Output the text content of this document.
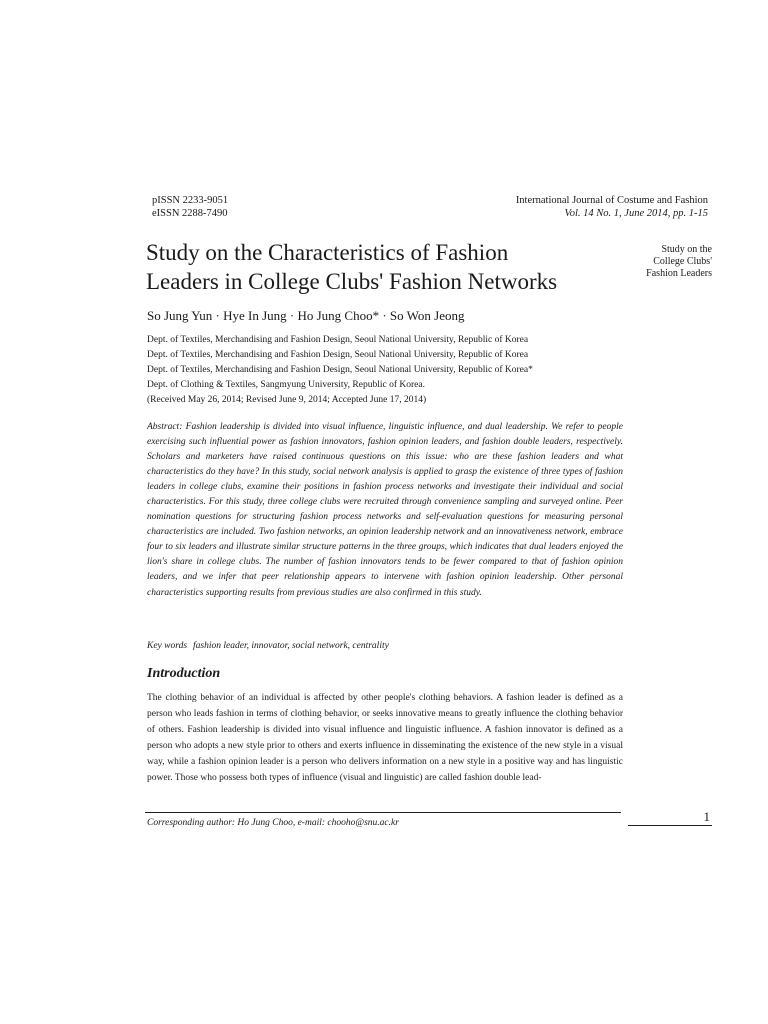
pISSN 2233-9051
eISSN 2288-7490
International Journal of Costume and Fashion
Vol. 14 No. 1, June 2014, pp. 1-15
Study on the Characteristics of Fashion
Leaders in College Clubs' Fashion Networks
Study on the
College Clubs'
Fashion Leaders
So Jung Yun · Hye In Jung · Ho Jung Choo* · So Won Jeong
Dept. of Textiles, Merchandising and Fashion Design, Seoul National University, Republic of Korea
Dept. of Textiles, Merchandising and Fashion Design, Seoul National University, Republic of Korea
Dept. of Textiles, Merchandising and Fashion Design, Seoul National University, Republic of Korea*
Dept. of Clothing & Textiles, Sangmyung University, Republic of Korea.
(Received May 26, 2014; Revised June 9, 2014; Accepted June 17, 2014)

Abstract: Fashion leadership is divided into visual influence, linguistic influence, and dual leadership. We refer to people exercising such influential power as fashion innovators, fashion opinion leaders, and fashion double leaders, respectively. Scholars and marketers have raised continuous questions on this issue: who are these fashion leaders and what characteristics do they have? In this study, social network analysis is applied to grasp the existence of three types of fashion leaders in college clubs, examine their positions in fashion process networks and investigate their individual and social characteristics. For this study, three college clubs were recruited through convenience sampling and surveyed online. Peer nomination questions for structuring fashion process networks and self-evaluation questions for measuring personal characteristics are included. Two fashion networks, an opinion leadership network and an innovativeness network, embrace four to six leaders and illustrate similar structure patterns in the three groups, which indicates that dual leaders enjoyed the lion's share in college clubs. The number of fashion innovators tends to be fewer compared to that of fashion opinion leaders, and we infer that peer relationship appears to intervene with fashion opinion leadership. Other personal characteristics supporting results from previous studies are also confirmed in this study.

Key words fashion leader, innovator, social network, centrality
Introduction

The clothing behavior of an individual is affected by other people's clothing behaviors. A fashion leader is defined as a person who leads fashion in terms of clothing behavior, or seeks innovative means to greatly influence the clothing behavior of others. Fashion leadership is divided into visual influence and linguistic influence. A fashion innovator is defined as a person who adopts a new style prior to others and exerts influence in disseminating the existence of the new style in a visual way, while a fashion opinion leader is a person who delivers information on a new style in a positive way and has linguistic power. Those who possess both types of influence (visual and linguistic) are called fashion double lead-

Corresponding author: Ho Jung Choo, e-mail: chooho@snu.ac.kr	1
